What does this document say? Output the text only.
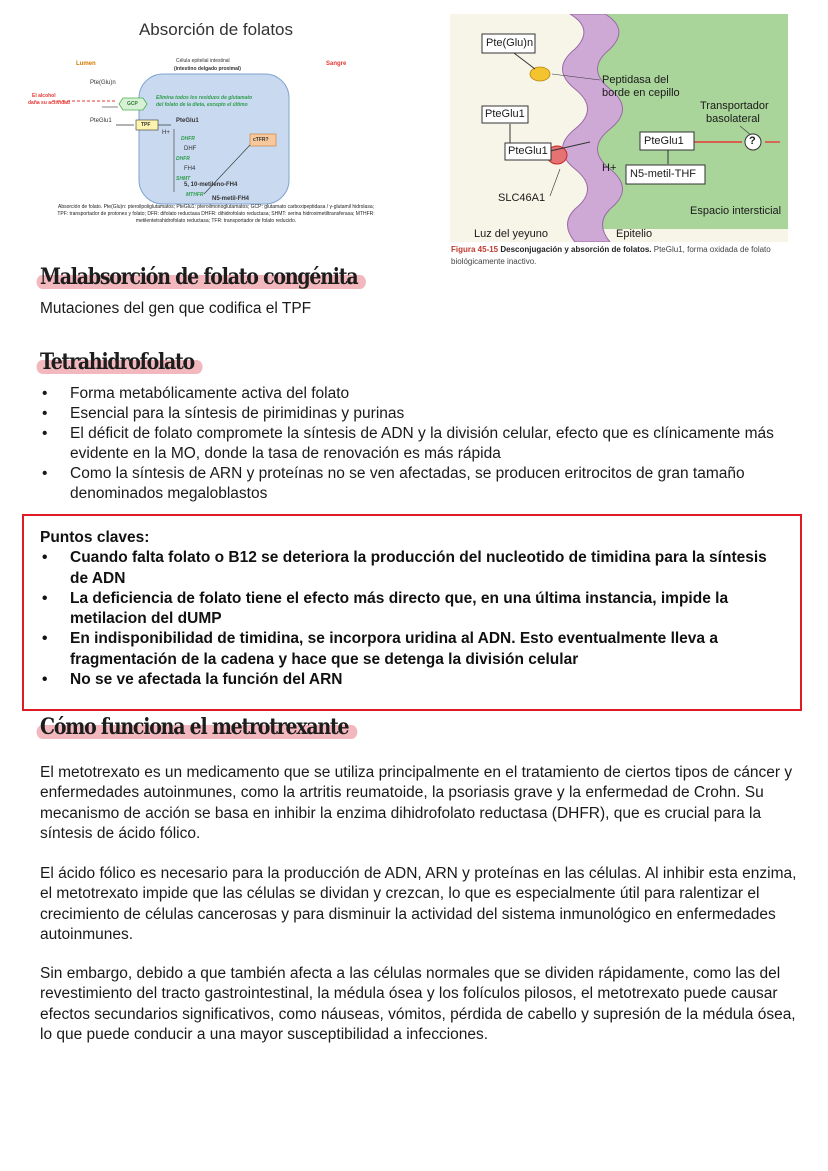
Absorción de folatos
Lumen	Célula epitelial intestinal
(intestino delgado proximal)
Sangre
Pte(Glu)n
El alcohol
daña su actividad	GCP
Elimina todos los residuos de glutamato
del folato de la dieta, excepto el último
PteGlu1
TPF
PteGlu1
H+
DHFR
DHF
DHFR
FH4
SHMT
5, 10-metileno-FH4
MTHFR
N5-metil-FH4
cTFR?
Absorción de folato. Pte(Glu)n: pteroilpoliglutamatos; PteGlu1: pteroilmonoglutamatos; GCP: glutamato carboxipeptidasa / γ-glutamil hidrolasa;
TPF: transportador de protones y folato; DFR: difolato reductasa DHFR: dihidrofolato reductasa; SHMT: serina hidroximetiltransferasa; MTHFR:
metilentetrahidrofolato reductasa; TFR: transportador de folato reducido.
Pte(Glu)n
Peptidasa del
borde en cepillo
Transportador
basolateral
PteGlu1
PteGlu1
PteGlu1
H+ N5-metil-THF
?
SLC46A1
Espacio intersticial
Luz del yeyuno	Epitelio
Figura 45-15 Desconjugación y absorción de folatos. PteGlu1, forma oxidada de folato biológicamente inactivo.
Malabsorción de folato congénita
Mutaciones del gen que codifica el TPF
Tetrahidrofolato
• Forma metabólicamente activa del folato
• Esencial para la síntesis de pirimidinas y purinas
• El déficit de folato compromete la síntesis de ADN y la división celular, efecto que es clínicamente más evidente en la MO, donde la tasa de renovación es más rápida
• Como la síntesis de ARN y proteínas no se ven afectadas, se producen eritrocitos de gran tamaño denominados megaloblastos
Puntos claves:
• Cuando falta folato o B12 se deteriora la producción del nucleotido de timidina para la síntesis de ADN
• La deficiencia de folato tiene el efecto más directo que, en una última instancia, impide la metilacion del dUMP
• En indisponibilidad de timidina, se incorpora uridina al ADN. Esto eventualmente lleva a fragmentación de la cadena y hace que se detenga la división celular
• No se ve afectada la función del ARN
Cómo funciona el metrotrexante
El metotrexato es un medicamento que se utiliza principalmente en el tratamiento de ciertos tipos de cáncer y enfermedades autoinmunes, como la artritis reumatoide, la psoriasis grave y la enfermedad de Crohn. Su mecanismo de acción se basa en inhibir la enzima dihidrofolato reductasa (DHFR), que es crucial para la síntesis de ácido fólico.
El ácido fólico es necesario para la producción de ADN, ARN y proteínas en las células. Al inhibir esta enzima, el metotrexato impide que las células se dividan y crezcan, lo que es especialmente útil para ralentizar el crecimiento de células cancerosas y para disminuir la actividad del sistema inmunológico en enfermedades autoinmunes.
Sin embargo, debido a que también afecta a las células normales que se dividen rápidamente, como las del revestimiento del tracto gastrointestinal, la médula ósea y los folículos pilosos, el metotrexato puede causar efectos secundarios significativos, como náuseas, vómitos, pérdida de cabello y supresión de la médula ósea, lo que puede conducir a una mayor susceptibilidad a infecciones.
